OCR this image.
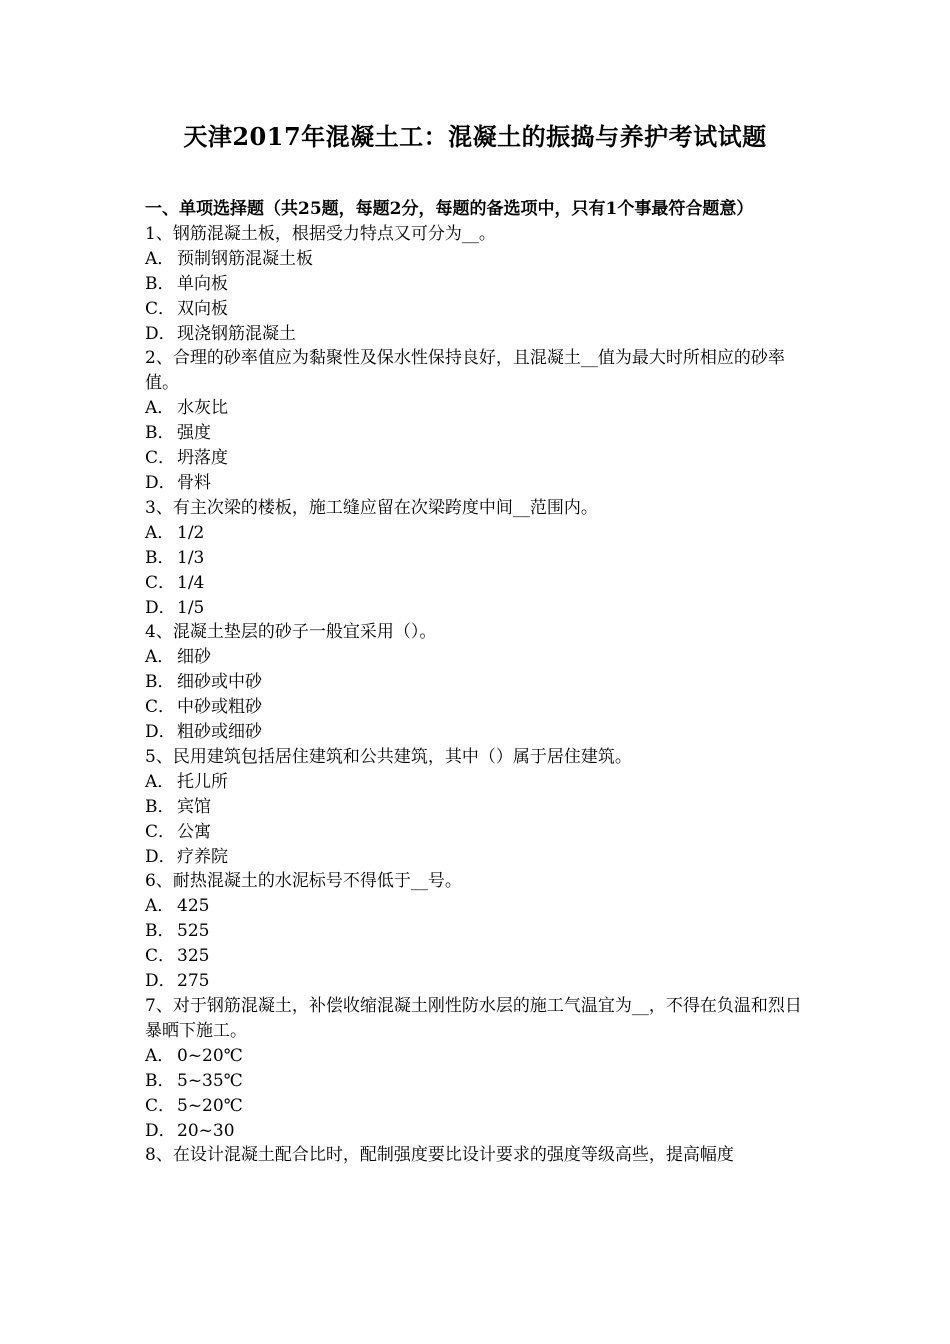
天津2017年混凝土工：混凝土的振捣与养护考试试题

一、单项选择题（共25题，每题2分，每题的备选项中，只有1个事最符合题意）

1、钢筋混凝土板，根据受力特点又可分为__。

A． 预制钢筋混凝土板

B． 单向板

C． 双向板

D．现浇钢筋混凝土

2、合理的砂率值应为黏聚性及保水性保持良好，且混凝土__值为最大时所相应的砂率值。

A． 水灰比

B． 强度

C． 坍落度

D．骨料

3、有主次梁的楼板，施工缝应留在次梁跨度中间__范围内。

A． 1/2

B． 1/3

C． 1/4

D．1/5

4、混凝土垫层的砂子一般宜采用（）。

A． 细砂

B． 细砂或中砂

C． 中砂或粗砂

D．粗砂或细砂

5、民用建筑包括居住建筑和公共建筑，其中（）属于居住建筑。

A． 托儿所

B． 宾馆

C． 公寓

D．疗养院

6、耐热混凝土的水泥标号不得低于__号。

A． 425

B． 525

C． 325

D．275

7、对于钢筋混凝土，补偿收缩混凝土刚性防水层的施工气温宜为__，不得在负温和烈日暴晒下施工。

A． 0~20℃

B． 5~35℃

C． 5~20℃

D．20~30

8、在设计混凝土配合比时，配制强度要比设计要求的强度等级高些，提高幅度
